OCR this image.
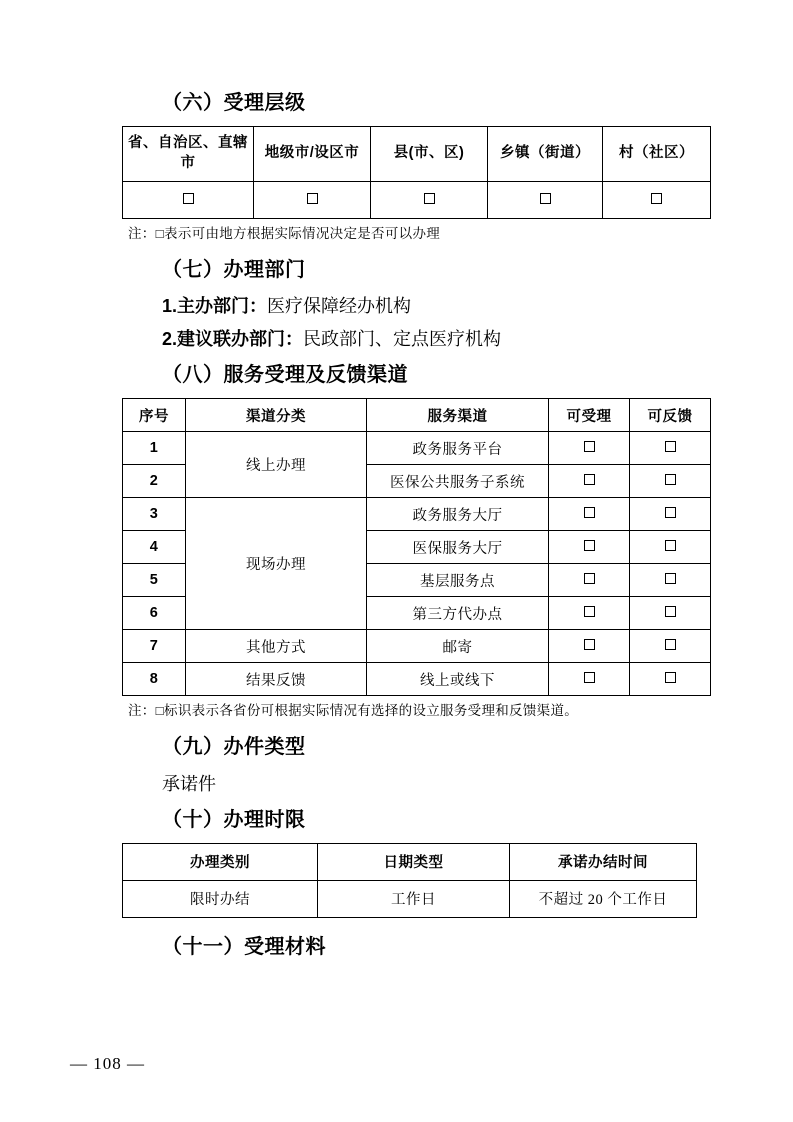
（六）受理层级
省、自治区、直辖市	地级市/设区市	县(市、区)	乡镇（街道）	村（社区）

注：□表示可由地方根据实际情况决定是否可以办理
（七）办理部门
1.主办部门：医疗保障经办机构
2.建议联办部门：民政部门、定点医疗机构
（八）服务受理及反馈渠道
序号	渠道分类	服务渠道	可受理	可反馈
1	线上办理	政务服务平台		
2		医保公共服务子系统		
3	现场办理	政务服务大厅		
4		医保服务大厅		
5		基层服务点		
6		第三方代办点		
7	其他方式	邮寄		
8	结果反馈	线上或线下		
注：□标识表示各省份可根据实际情况有选择的设立服务受理和反馈渠道。
（九）办件类型
承诺件
（十）办理时限
办理类别	日期类型	承诺办结时间
限时办结	工作日	不超过 20 个工作日
（十一）受理材料
— 108 —
